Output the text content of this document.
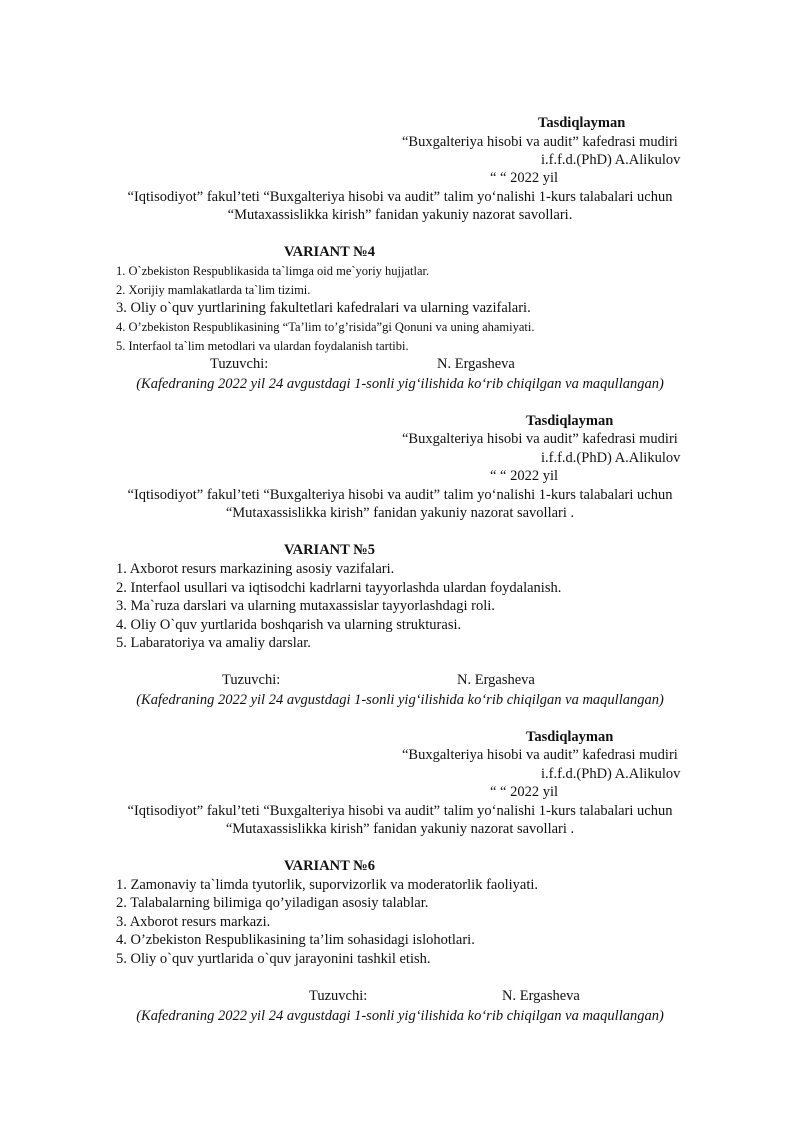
Tasdiqlayman
“Buxgalteriya hisobi va audit” kafedrasi mudiri
i.f.f.d.(PhD) A.Alikulov
“ “ 2022 yil
“Iqtisodiyot” fakul’teti “Buxgalteriya hisobi va audit” talim yo‘nalishi 1-kurs talabalari uchun
“Mutaxassislikka kirish” fanidan yakuniy nazorat savollari.
VARIANT №4
1. O`zbekiston Respublikasida ta`limga oid me`yoriy hujjatlar.
2. Xorijiy mamlakatlarda ta`lim tizimi.
3. Oliy o`quv yurtlarining fakultetlari kafedralari va ularning vazifalari.
4. O’zbekiston Respublikasining “Ta’lim to’g’risida”gi Qonuni va uning ahamiyati.
5. Interfaol ta`lim metodlari va ulardan foydalanish tartibi.
Tuzuvchi:	N. Ergasheva
(Kafedraning 2022 yil 24 avgustdagi 1-sonli yig‘ilishida ko‘rib chiqilgan va maqullangan)
Tasdiqlayman
“Buxgalteriya hisobi va audit” kafedrasi mudiri
i.f.f.d.(PhD) A.Alikulov
“ “ 2022 yil
“Iqtisodiyot” fakul’teti “Buxgalteriya hisobi va audit” talim yo‘nalishi 1-kurs talabalari uchun
“Mutaxassislikka kirish” fanidan yakuniy nazorat savollari .
VARIANT №5
1. Axborot resurs markazining asosiy vazifalari.
2. Interfaol usullari va iqtisodchi kadrlarni tayyorlashda ulardan foydalanish.
3. Ma`ruza darslari va ularning mutaxassislar tayyorlashdagi roli.
4. Oliy O`quv yurtlarida boshqarish va ularning strukturasi.
5. Labaratoriya va amaliy darslar.
Tuzuvchi:	N. Ergasheva
(Kafedraning 2022 yil 24 avgustdagi 1-sonli yig‘ilishida ko‘rib chiqilgan va maqullangan)
Tasdiqlayman
“Buxgalteriya hisobi va audit” kafedrasi mudiri
i.f.f.d.(PhD) A.Alikulov
“ “ 2022 yil
“Iqtisodiyot” fakul’teti “Buxgalteriya hisobi va audit” talim yo‘nalishi 1-kurs talabalari uchun
“Mutaxassislikka kirish” fanidan yakuniy nazorat savollari .
VARIANT №6
1. Zamonaviy ta`limda tyutorlik, suporvizorlik va moderatorlik faoliyati.
2. Talabalarning bilimiga qo’yiladigan asosiy talablar.
3. Axborot resurs markazi.
4. O’zbekiston Respublikasining ta’lim sohasidagi islohotlari.
5. Oliy o`quv yurtlarida o`quv jarayonini tashkil etish.
Tuzuvchi:	N. Ergasheva
(Kafedraning 2022 yil 24 avgustdagi 1-sonli yig‘ilishida ko‘rib chiqilgan va maqullangan)
